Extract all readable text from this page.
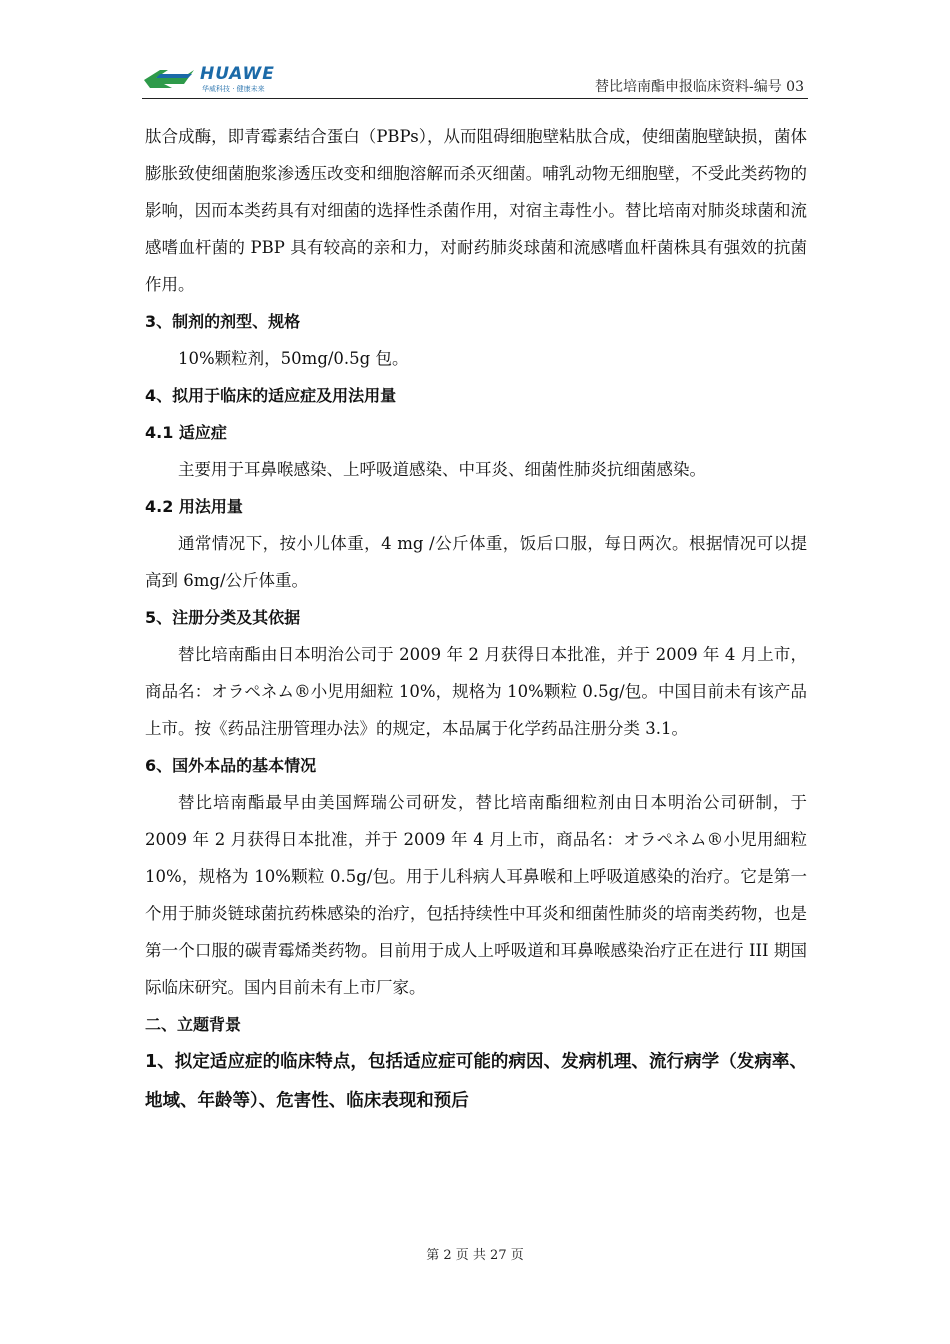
HUAWE
华威科技 · 健康未来	替比培南酯申报临床资料-编号 03

肽合成酶，即青霉素结合蛋白（PBPs），从而阻碍细胞壁粘肽合成，使细菌胞壁缺损，菌体膨胀致使细菌胞浆渗透压改变和细胞溶解而杀灭细菌。哺乳动物无细胞壁，不受此类药物的影响，因而本类药具有对细菌的选择性杀菌作用，对宿主毒性小。替比培南对肺炎球菌和流感嗜血杆菌的 PBP 具有较高的亲和力，对耐药肺炎球菌和流感嗜血杆菌株具有强效的抗菌作用。

3、制剂的剂型、规格

10%颗粒剂，50mg/0.5g 包。

4、拟用于临床的适应症及用法用量

4.1 适应症

主要用于耳鼻喉感染、上呼吸道感染、中耳炎、细菌性肺炎抗细菌感染。

4.2 用法用量

通常情况下，按小儿体重，4 mg /公斤体重，饭后口服，每日两次。根据情况可以提高到 6mg/公斤体重。

5、注册分类及其依据

替比培南酯由日本明治公司于 2009 年 2 月获得日本批准，并于 2009 年 4 月上市，商品名：オラペネム®小児用細粒 10%，规格为 10%颗粒 0.5g/包。中国目前未有该产品上市。按《药品注册管理办法》的规定，本品属于化学药品注册分类 3.1。

6、国外本品的基本情况

替比培南酯最早由美国辉瑞公司研发，替比培南酯细粒剂由日本明治公司研制，于 2009 年 2 月获得日本批准，并于 2009 年 4 月上市，商品名：オラペネム®小児用細粒 10%，规格为 10%颗粒 0.5g/包。用于儿科病人耳鼻喉和上呼吸道感染的治疗。它是第一个用于肺炎链球菌抗药株感染的治疗，包括持续性中耳炎和细菌性肺炎的培南类药物，也是第一个口服的碳青霉烯类药物。目前用于成人上呼吸道和耳鼻喉感染治疗正在进行 III 期国际临床研究。国内目前未有上市厂家。

二、立题背景

1、拟定适应症的临床特点，包括适应症可能的病因、发病机理、流行病学（发病率、地域、年龄等）、危害性、临床表现和预后

第 2 页 共 27 页
